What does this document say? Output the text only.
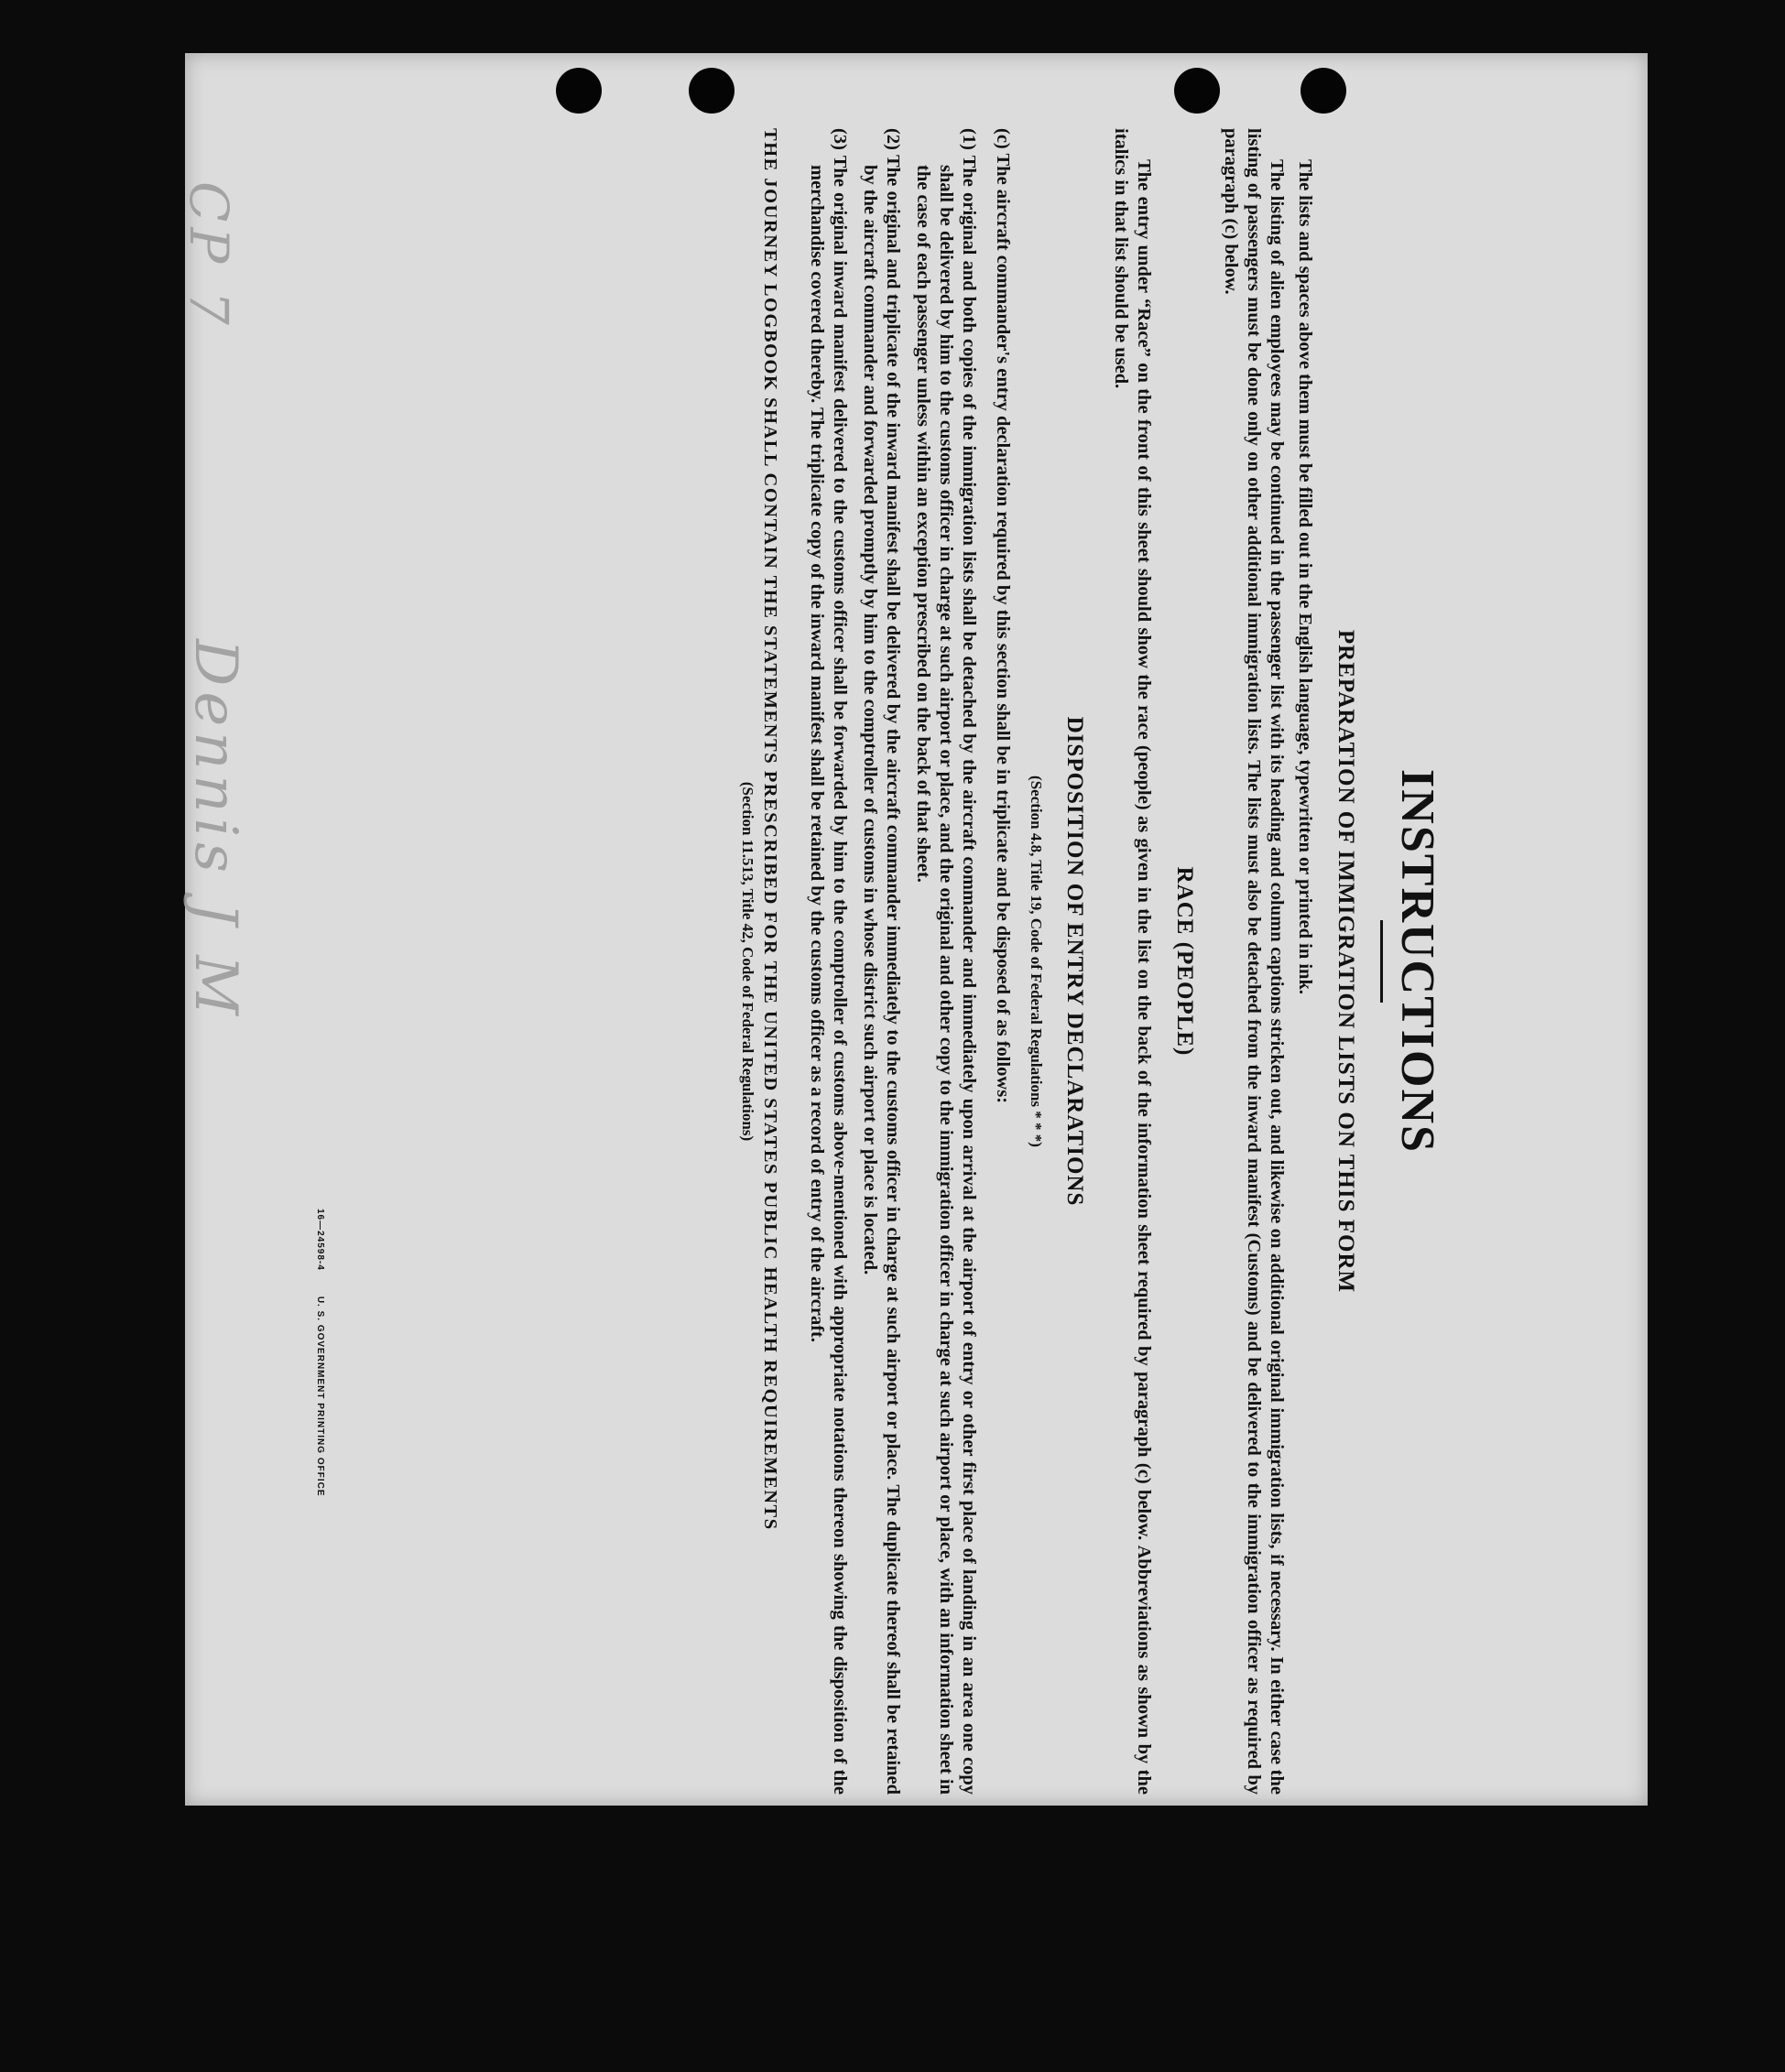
Dennis J M
CP 7
INSTRUCTIONS
PREPARATION OF IMMIGRATION LISTS ON THIS FORM

The lists and spaces above them must be filled out in the English language, typewritten or printed in ink.

The listing of alien employees may be continued in the passenger list with its heading and column captions stricken out, and likewise on additional original immigration lists, if necessary. In either case the listing of passengers must be done only on other additional immigration lists. The lists must also be detached from the inward manifest (Customs) and be delivered to the immigration officer as required by paragraph (c) below.

RACE (PEOPLE)

The entry under “Race” on the front of this sheet should show the race (people) as given in the list on the back of the information sheet required by paragraph (c) below. Abbreviations as shown by the italics in that list should be used.

DISPOSITION OF ENTRY DECLARATIONS

(Section 4.8, Title 19, Code of Federal Regulations * * *)

(c) The aircraft commander's entry declaration required by this section shall be in triplicate and be disposed of as follows:

(1) The original and both copies of the immigration lists shall be detached by the aircraft commander and immediately upon arrival at the airport of entry or other first place of landing in an area one copy shall be delivered by him to the customs officer in charge at such airport or place, and the original and other copy to the immigration officer in charge at such airport or place, with an information sheet in the case of each passenger unless within an exception prescribed on the back of that sheet.

(2) The original and triplicate of the inward manifest shall be delivered by the aircraft commander immediately to the customs officer in charge at such airport or place. The duplicate thereof shall be retained by the aircraft commander and forwarded promptly by him to the comptroller of customs in whose district such airport or place is located.

(3) The original inward manifest delivered to the customs officer shall be forwarded by him to the comptroller of customs above-mentioned with appropriate notations thereon showing the disposition of the merchandise covered thereby. The triplicate copy of the inward manifest shall be retained by the customs officer as a record of entry of the aircraft.

THE JOURNEY LOGBOOK SHALL CONTAIN THE STATEMENTS PRESCRIBED FOR THE UNITED STATES PUBLIC HEALTH REQUIREMENTS

(Section 11.513, Title 42, Code of Federal Regulations)

16—24598-4
U. S. GOVERNMENT PRINTING OFFICE
